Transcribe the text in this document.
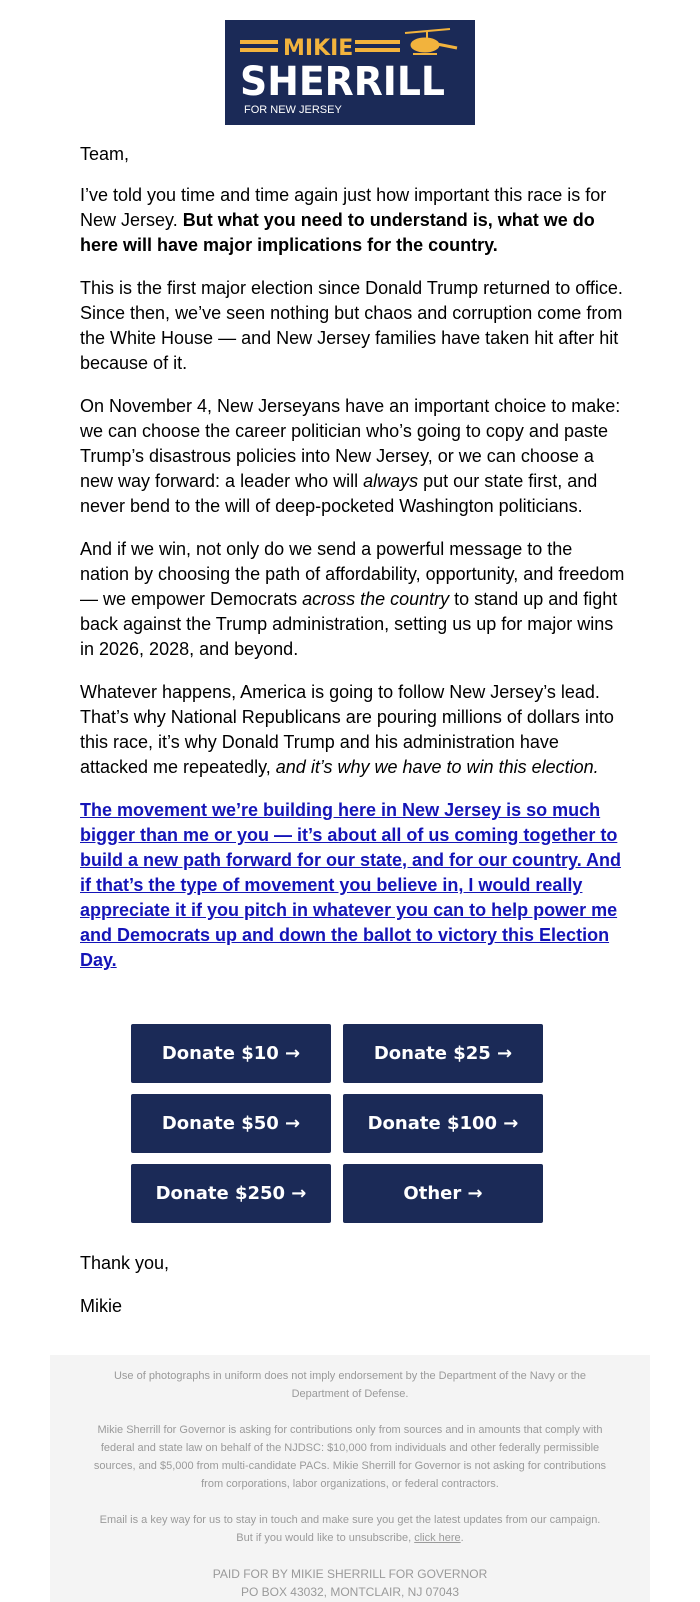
MIKIE
SHERRILL
FOR NEW JERSEY

Team,

I’ve told you time and time again just how important this race is for New Jersey. But what you need to understand is, what we do here will have major implications for the country.

This is the first major election since Donald Trump returned to office. Since then, we’ve seen nothing but chaos and corruption come from the White House — and New Jersey families have taken hit after hit because of it.

On November 4, New Jerseyans have an important choice to make: we can choose the career politician who’s going to copy and paste Trump’s disastrous policies into New Jersey, or we can choose a new way forward: a leader who will always put our state first, and never bend to the will of deep-pocketed Washington politicians.

And if we win, not only do we send a powerful message to the nation by choosing the path of affordability, opportunity, and freedom — we empower Democrats across the country to stand up and fight back against the Trump administration, setting us up for major wins in 2026, 2028, and beyond.

Whatever happens, America is going to follow New Jersey’s lead. That’s why National Republicans are pouring millions of dollars into this race, it’s why Donald Trump and his administration have attacked me repeatedly, and it’s why we have to win this election.

The movement we’re building here in New Jersey is so much bigger than me or you — it’s about all of us coming together to build a new path forward for our state, and for our country. And if that’s the type of movement you believe in, I would really appreciate it if you pitch in whatever you can to help power me and Democrats up and down the ballot to victory this Election Day.

Donate $10 →	Donate $25 →
Donate $50 →	Donate $100 →
Donate $250 →	Other →
Thank you,
Mikie

Use of photographs in uniform does not imply endorsement by the Department of the Navy or the Department of Defense.

Mikie Sherrill for Governor is asking for contributions only from sources and in amounts that comply with federal and state law on behalf of the NJDSC: $10,000 from individuals and other federally permissible sources, and $5,000 from multi-candidate PACs. Mikie Sherrill for Governor is not asking for contributions from corporations, labor organizations, or federal contractors.

Email is a key way for us to stay in touch and make sure you get the latest updates from our campaign. But if you would like to unsubscribe, click here.

PAID FOR BY MIKIE SHERRILL FOR GOVERNOR

PO BOX 43032, MONTCLAIR, NJ 07043
